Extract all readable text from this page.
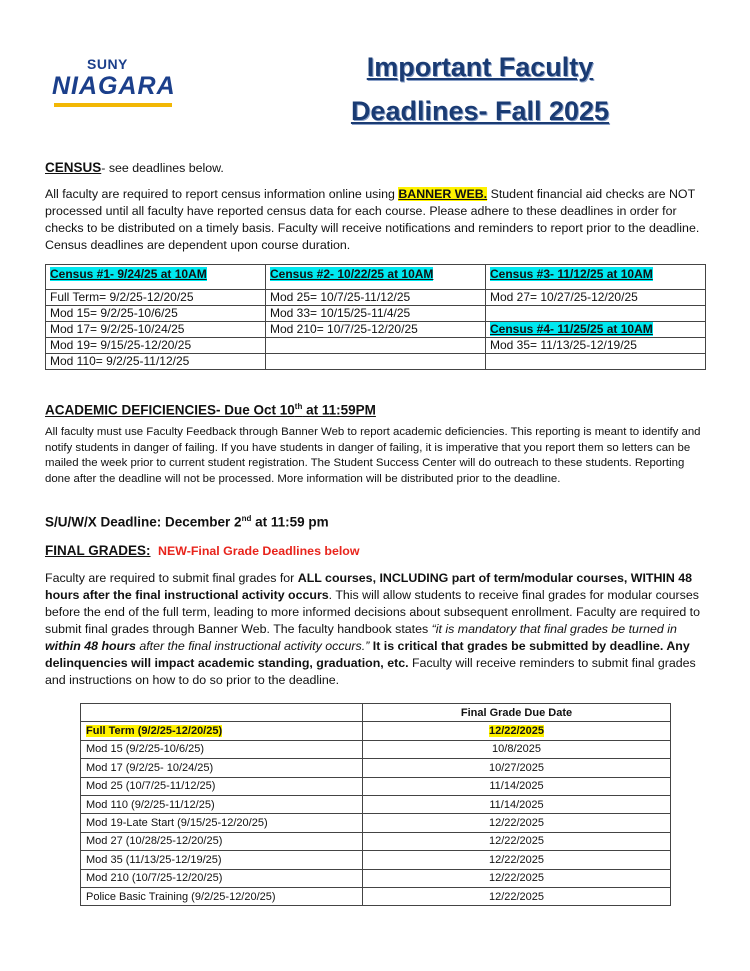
SUNY
NIAGARA
Important Faculty
Deadlines- Fall 2025
CENSUS- see deadlines below.
All faculty are required to report census information online using BANNER WEB. Student financial aid checks are NOT processed until all faculty have reported census data for each course. Please adhere to these deadlines in order for checks to be distributed on a timely basis. Faculty will receive notifications and reminders to report prior to the deadline. Census deadlines are dependent upon course duration.
Census #1- 9/24/25 at 10AM	Census #2- 10/22/25 at 10AM	Census #3- 11/12/25 at 10AM
Full Term= 9/2/25-12/20/25	Mod 25= 10/7/25-11/12/25	Mod 27= 10/27/25-12/20/25
Mod 15= 9/2/25-10/6/25	Mod 33= 10/15/25-11/4/25	
Mod 17= 9/2/25-10/24/25	Mod 210= 10/7/25-12/20/25	Census #4- 11/25/25 at 10AM
Mod 19= 9/15/25-12/20/25		Mod 35= 11/13/25-12/19/25
Mod 110= 9/2/25-11/12/25		
ACADEMIC DEFICIENCIES- Due Oct 10th at 11:59PM
All faculty must use Faculty Feedback through Banner Web to report academic deficiencies. This reporting is meant to identify and notify students in danger of failing. If you have students in danger of failing, it is imperative that you report them so letters can be mailed the week prior to current student registration. The Student Success Center will do outreach to these students. Reporting done after the deadline will not be processed. More information will be distributed prior to the deadline.
S/U/W/X Deadline: December 2nd at 11:59 pm
FINAL GRADES: NEW-Final Grade Deadlines below
Faculty are required to submit final grades for ALL courses, INCLUDING part of term/modular courses, WITHIN 48 hours after the final instructional activity occurs. This will allow students to receive final grades for modular courses before the end of the full term, leading to more informed decisions about subsequent enrollment. Faculty are required to submit final grades through Banner Web. The faculty handbook states “it is mandatory that final grades be turned in within 48 hours after the final instructional activity occurs.” It is critical that grades be submitted by deadline. Any delinquencies will impact academic standing, graduation, etc. Faculty will receive reminders to submit final grades and instructions on how to do so prior to the deadline.
	Final Grade Due Date
Full Term (9/2/25-12/20/25)	12/22/2025
Mod 15 (9/2/25-10/6/25)	10/8/2025
Mod 17 (9/2/25- 10/24/25)	10/27/2025
Mod 25 (10/7/25-11/12/25)	11/14/2025
Mod 110 (9/2/25-11/12/25)	11/14/2025
Mod 19-Late Start (9/15/25-12/20/25)	12/22/2025
Mod 27 (10/28/25-12/20/25)	12/22/2025
Mod 35 (11/13/25-12/19/25)	12/22/2025
Mod 210 (10/7/25-12/20/25)	12/22/2025
Police Basic Training (9/2/25-12/20/25)	12/22/2025
